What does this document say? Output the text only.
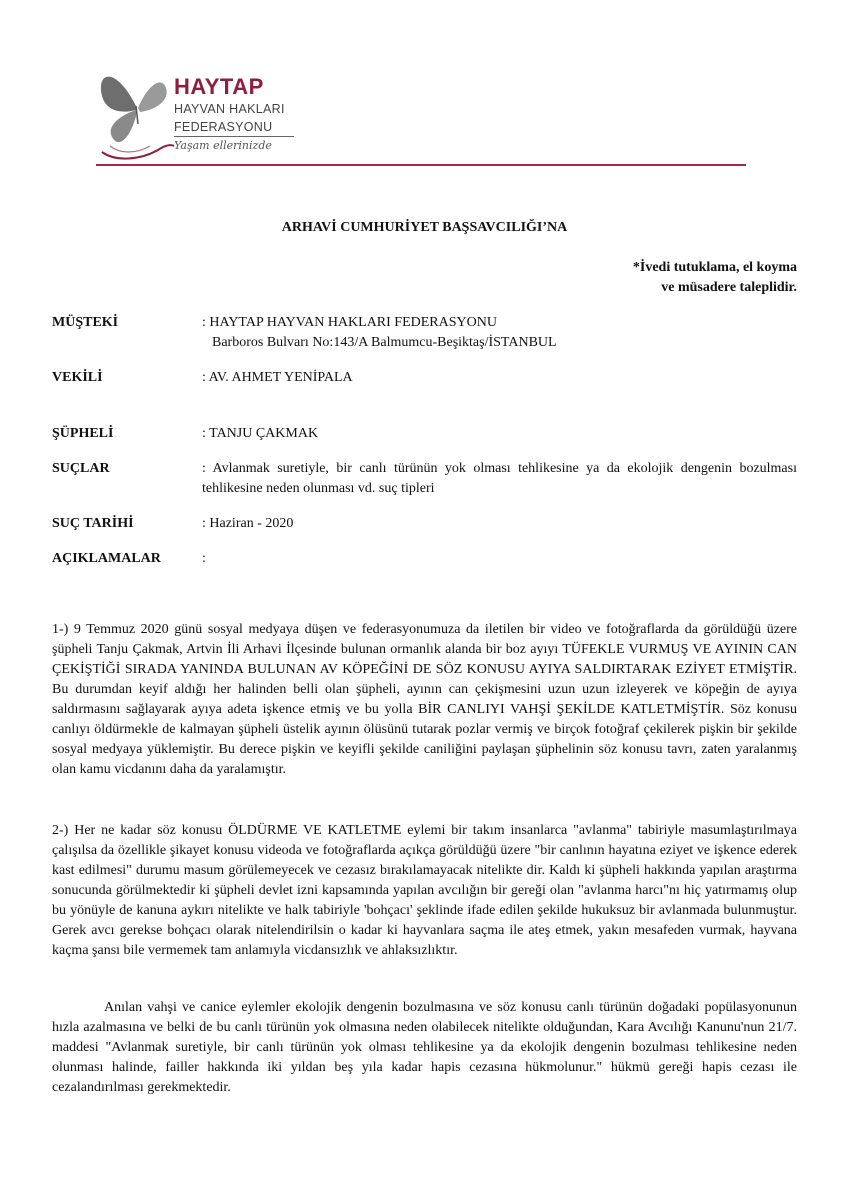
HAYTAP
HAYVAN HAKLARI
FEDERASYONU
Yaşam ellerinizde
ARHAVİ CUMHURİYET BAŞSAVCILIĞI’NA
*İvedi tutuklama, el koyma
ve müsadere taleplidir.
MÜŞTEKİ	: HAYTAP HAYVAN HAKLARI FEDERASYONU
Barboros Bulvarı No:143/A Balmumcu-Beşiktaş/İSTANBUL
VEKİLİ	: AV. AHMET YENİPALA
ŞÜPHELİ	: TANJU ÇAKMAK
SUÇLAR	: Avlanmak suretiyle, bir canlı türünün yok olması tehlikesine ya da ekolojik dengenin bozulması tehlikesine neden olunması vd. suç tipleri
SUÇ TARİHİ	: Haziran - 2020
AÇIKLAMALAR	:

1-) 9 Temmuz 2020 günü sosyal medyaya düşen ve federasyonumuza da iletilen bir video ve fotoğraflarda da görüldüğü üzere şüpheli Tanju Çakmak, Artvin İli Arhavi İlçesinde bulunan ormanlık alanda bir boz ayıyı TÜFEKLE VURMUŞ VE AYININ CAN ÇEKİŞTİĞİ SIRADA YANINDA BULUNAN AV KÖPEĞİNİ DE SÖZ KONUSU AYIYA SALDIRTARAK EZİYET ETMİŞTİR. Bu durumdan keyif aldığı her halinden belli olan şüpheli, ayının can çekişmesini uzun uzun izleyerek ve köpeğin de ayıya saldırmasını sağlayarak ayıya adeta işkence etmiş ve bu yolla BİR CANLIYI VAHŞİ ŞEKİLDE KATLETMİŞTİR. Söz konusu canlıyı öldürmekle de kalmayan şüpheli üstelik ayının ölüsünü tutarak pozlar vermiş ve birçok fotoğraf çekilerek pişkin bir şekilde sosyal medyaya yüklemiştir. Bu derece pişkin ve keyifli şekilde caniliğini paylaşan şüphelinin söz konusu tavrı, zaten yaralanmış olan kamu vicdanını daha da yaralamıştır.

2-) Her ne kadar söz konusu ÖLDÜRME VE KATLETME eylemi bir takım insanlarca "avlanma" tabiriyle masumlaştırılmaya çalışılsa da özellikle şikayet konusu videoda ve fotoğraflarda açıkça görüldüğü üzere "bir canlının hayatına eziyet ve işkence ederek kast edilmesi" durumu masum görülemeyecek ve cezasız bırakılamayacak nitelikte dir. Kaldı ki şüpheli hakkında yapılan araştırma sonucunda görülmektedir ki şüpheli devlet izni kapsamında yapılan avcılığın bir gereği olan "avlanma harcı"nı hiç yatırmamış olup bu yönüyle de kanuna aykırı nitelikte ve halk tabiriyle 'bohçacı' şeklinde ifade edilen şekilde hukuksuz bir avlanmada bulunmuştur. Gerek avcı gerekse bohçacı olarak nitelendirilsin o kadar ki hayvanlara saçma ile ateş etmek, yakın mesafeden vurmak, hayvana kaçma şansı bile vermemek tam anlamıyla vicdansızlık ve ahlaksızlıktır.

Anılan vahşi ve canice eylemler ekolojik dengenin bozulmasına ve söz konusu canlı türünün doğadaki popülasyonunun hızla azalmasına ve belki de bu canlı türünün yok olmasına neden olabilecek nitelikte olduğundan, Kara Avcılığı Kanunu'nun 21/7. maddesi "Avlanmak suretiyle, bir canlı türünün yok olması tehlikesine ya da ekolojik dengenin bozulması tehlikesine neden olunması halinde, failler hakkında iki yıldan beş yıla kadar hapis cezasına hükmolunur." hükmü gereği hapis cezası ile cezalandırılması gerekmektedir.
